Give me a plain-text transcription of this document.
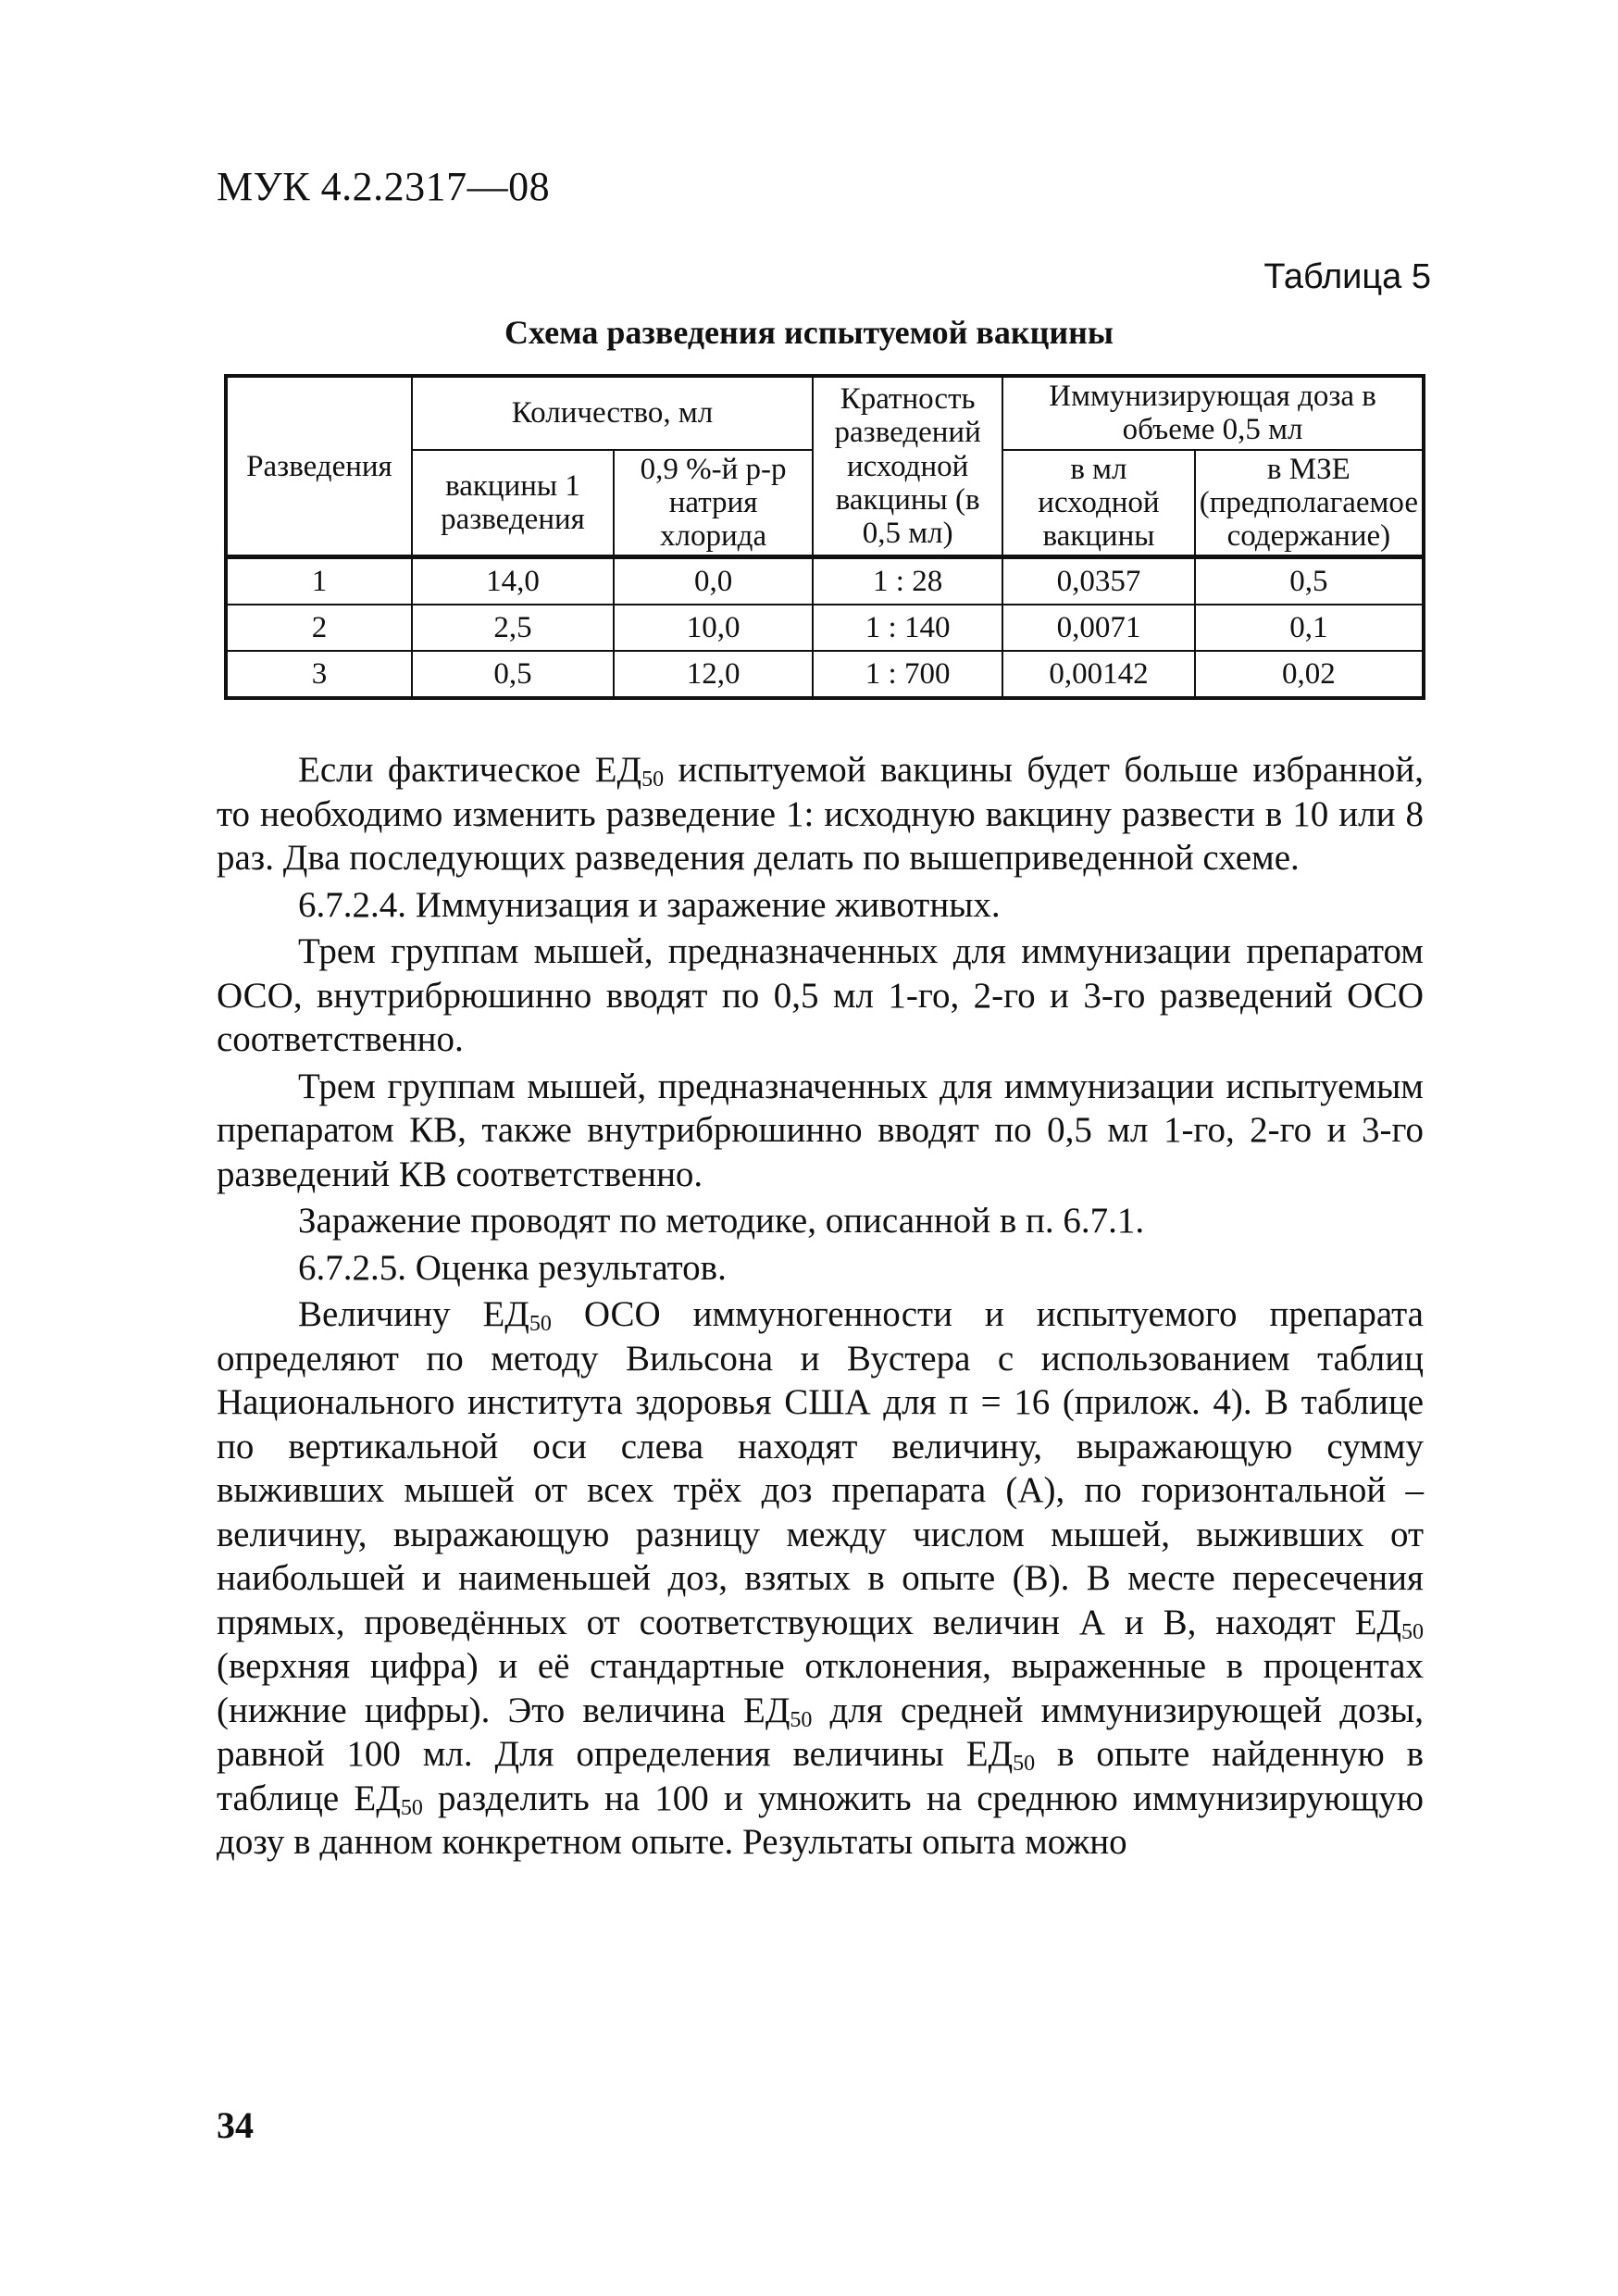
МУК 4.2.2317—08
Таблица 5
Схема разведения испытуемой вакцины
Разведения	Количество, мл		Кратность разведений исходной вакцины (в 0,5 мл)	Иммунизирующая доза в объеме 0,5 мл	
	вакцины 1 разведения	0,9 %-й р-р натрия хлорида		в мл исходной вакцины	в МЗЕ (предполагаемое содержание)
1	14,0	0,0	1 : 28	0,0357	0,5
2	2,5	10,0	1 : 140	0,0071	0,1
3	0,5	12,0	1 : 700	0,00142	0,02

Если фактическое $ЕД_{50}$ испытуемой вакцины будет больше избранной, то необходимо изменить разведение 1: исходную вакцину развести в 10 или 8 раз. Два последующих разведения делать по вышеприведенной схеме.

6.7.2.4. Иммунизация и заражение животных.

Трем группам мышей, предназначенных для иммунизации препаратом ОСО, внутрибрюшинно вводят по 0,5 мл 1-го, 2-го и 3-го разведений ОСО соответственно.

Трем группам мышей, предназначенных для иммунизации испытуемым препаратом КВ, также внутрибрюшинно вводят по 0,5 мл 1-го, 2-го и 3-го разведений КВ соответственно.

Заражение проводят по методике, описанной в п. 6.7.1.

6.7.2.5. Оценка результатов.

Величину $ЕД_{50}$ ОСО иммуногенности и испытуемого препарата определяют по методу Вильсона и Вустера с использованием таблиц Национального института здоровья США для п = 16 (прилож. 4). В таблице по вертикальной оси слева находят величину, выражающую сумму выживших мышей от всех трёх доз препарата (А), по горизонтальной – величину, выражающую разницу между числом мышей, выживших от наибольшей и наименьшей доз, взятых в опыте (В). В месте пересечения прямых, проведённых от соответствующих величин А и В, находят $ЕД_{50}$ (верхняя цифра) и её стандартные отклонения, выраженные в процентах (нижние цифры). Это величина $ЕД_{50}$ для средней иммунизирующей дозы, равной 100 мл. Для определения величины $ЕД_{50}$ в опыте найденную в таблице $ЕД_{50}$ разделить на 100 и умножить на среднюю иммунизирующую дозу в данном конкретном опыте. Результаты опыта можно

34
